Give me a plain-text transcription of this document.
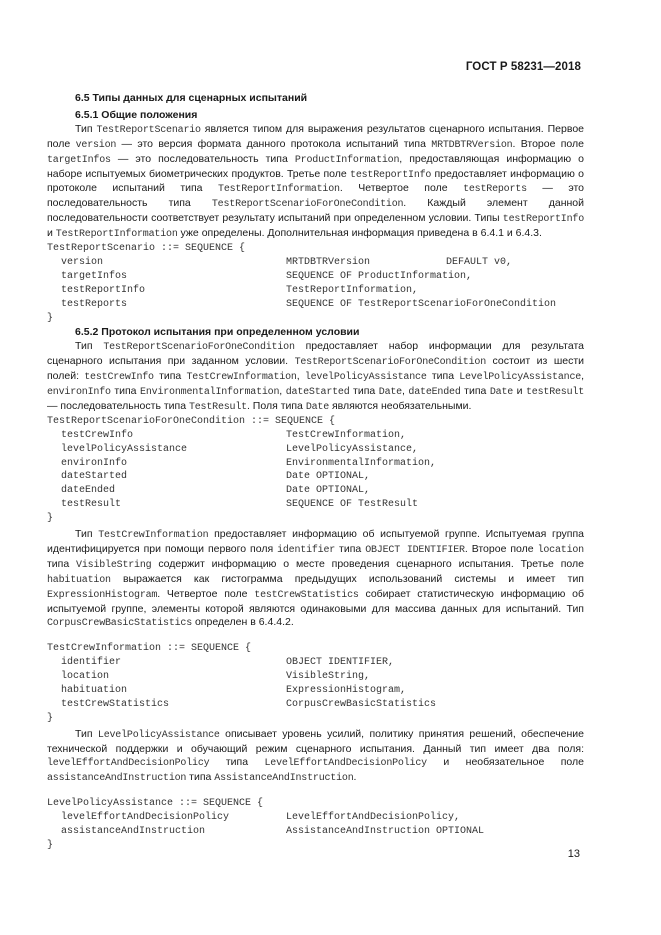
ГОСТ Р 58231—2018
6.5 Типы данных для сценарных испытаний
6.5.1 Общие положения

Тип TestReportScenario является типом для выражения результатов сценарного испытания. Первое поле version — это версия формата данного протокола испытаний типа MRTDBTRVersion. Второе поле targetInfos — это последовательность типа ProductInformation, предоставляющая информацию о наборе испытуемых биометрических продуктов. Третье поле testReportInfo предоставляет информацию о протоколе испытаний типа TestReportInformation. Четвертое поле testReports — это последовательность типа TestReportScenarioForOneCondition. Каждый элемент данной последовательности соответствует результату испытаний при определенном условии. Типы testReportInfo и TestReportInformation уже определены. Дополнительная информация приведена в 6.4.1 и 6.4.3.

TestReportScenario ::= SEQUENCE {
version	MRTDBTRVersion	DEFAULT v0,
targetInfos	SEQUENCE OF ProductInformation,
testReportInfo	TestReportInformation,
testReports	SEQUENCE OF TestReportScenarioForOneCondition
}
6.5.2 Протокол испытания при определенном условии

Тип TestReportScenarioForOneCondition предоставляет набор информации для результата сценарного испытания при заданном условии. TestReportScenarioForOneCondition состоит из шести полей: testCrewInfo типа TestCrewInformation, levelPolicyAssistance типа LevelPolicyAssistance, environInfo типа EnvironmentalInformation, dateStarted типа Date, dateEnded типа Date и testResult — последовательность типа TestResult. Поля типа Date являются необязательными.

TestReportScenarioForOneCondition ::= SEQUENCE {
testCrewInfo	TestCrewInformation,
levelPolicyAssistance	LevelPolicyAssistance,
environInfo	EnvironmentalInformation,
dateStarted	Date OPTIONAL,
dateEnded	Date OPTIONAL,
testResult	SEQUENCE OF TestResult
}

Тип TestCrewInformation предоставляет информацию об испытуемой группе. Испытуемая группа идентифицируется при помощи первого поля identifier типа OBJECT IDENTIFIER. Второе поле location типа VisibleString содержит информацию о месте проведения сценарного испытания. Третье поле habituation выражается как гистограмма предыдущих использований системы и имеет тип ExpressionHistogram. Четвертое поле testCrewStatistics собирает статистическую информацию об испытуемой группе, элементы которой являются одинаковыми для массива данных для испытаний. Тип CorpusCrewBasicStatistics определен в 6.4.4.2.

TestCrewInformation ::= SEQUENCE {
identifier	OBJECT IDENTIFIER,
location	VisibleString,
habituation	ExpressionHistogram,
testCrewStatistics	CorpusCrewBasicStatistics
}

Тип LevelPolicyAssistance описывает уровень усилий, политику принятия решений, обеспечение технической поддержки и обучающий режим сценарного испытания. Данный тип имеет два поля: levelEffortAndDecisionPolicy типа LevelEffortAndDecisionPolicy и необязательное поле assistanceAndInstruction типа AssistanceAndInstruction.

LevelPolicyAssistance ::= SEQUENCE {
levelEffortAndDecisionPolicy	LevelEffortAndDecisionPolicy,
assistanceAndInstruction	AssistanceAndInstruction OPTIONAL
}
13
